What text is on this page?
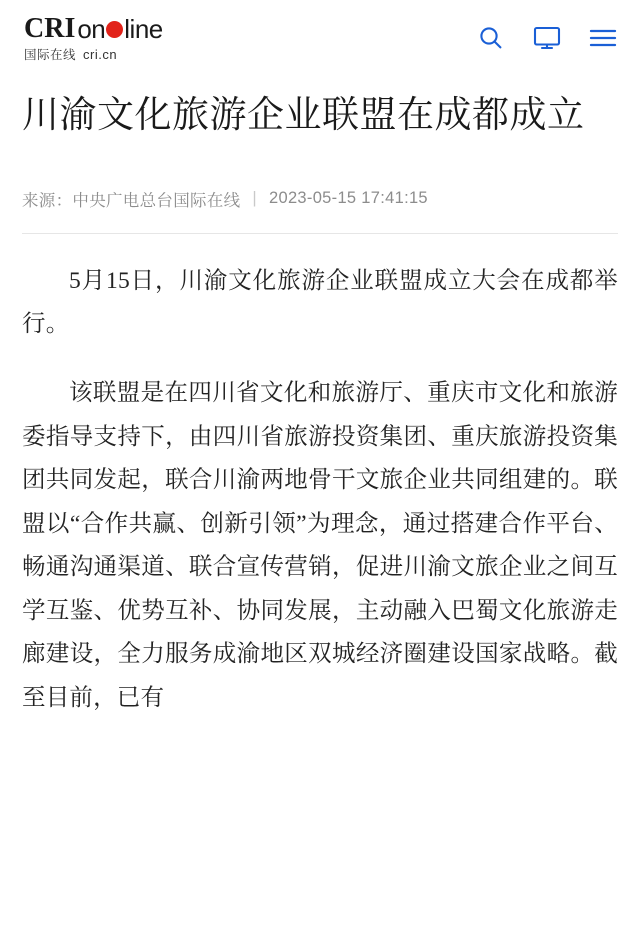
CRI on line
国际在线 cri.cn
川渝文化旅游企业联盟在成都成立
来源： 中央广电总台国际在线 | 2023-05-15 17:41:15

5月15日，川渝文化旅游企业联盟成立大会在成都举行。

该联盟是在四川省文化和旅游厅、重庆市文化和旅游委指导支持下，由四川省旅游投资集团、重庆旅游投资集团共同发起，联合川渝两地骨干文旅企业共同组建的。联盟以“合作共赢、创新引领”为理念，通过搭建合作平台、畅通沟通渠道、联合宣传营销，促进川渝文旅企业之间互学互鉴、优势互补、协同发展，主动融入巴蜀文化旅游走廊建设，全力服务成渝地区双城经济圈建设国家战略。截至目前，已有
